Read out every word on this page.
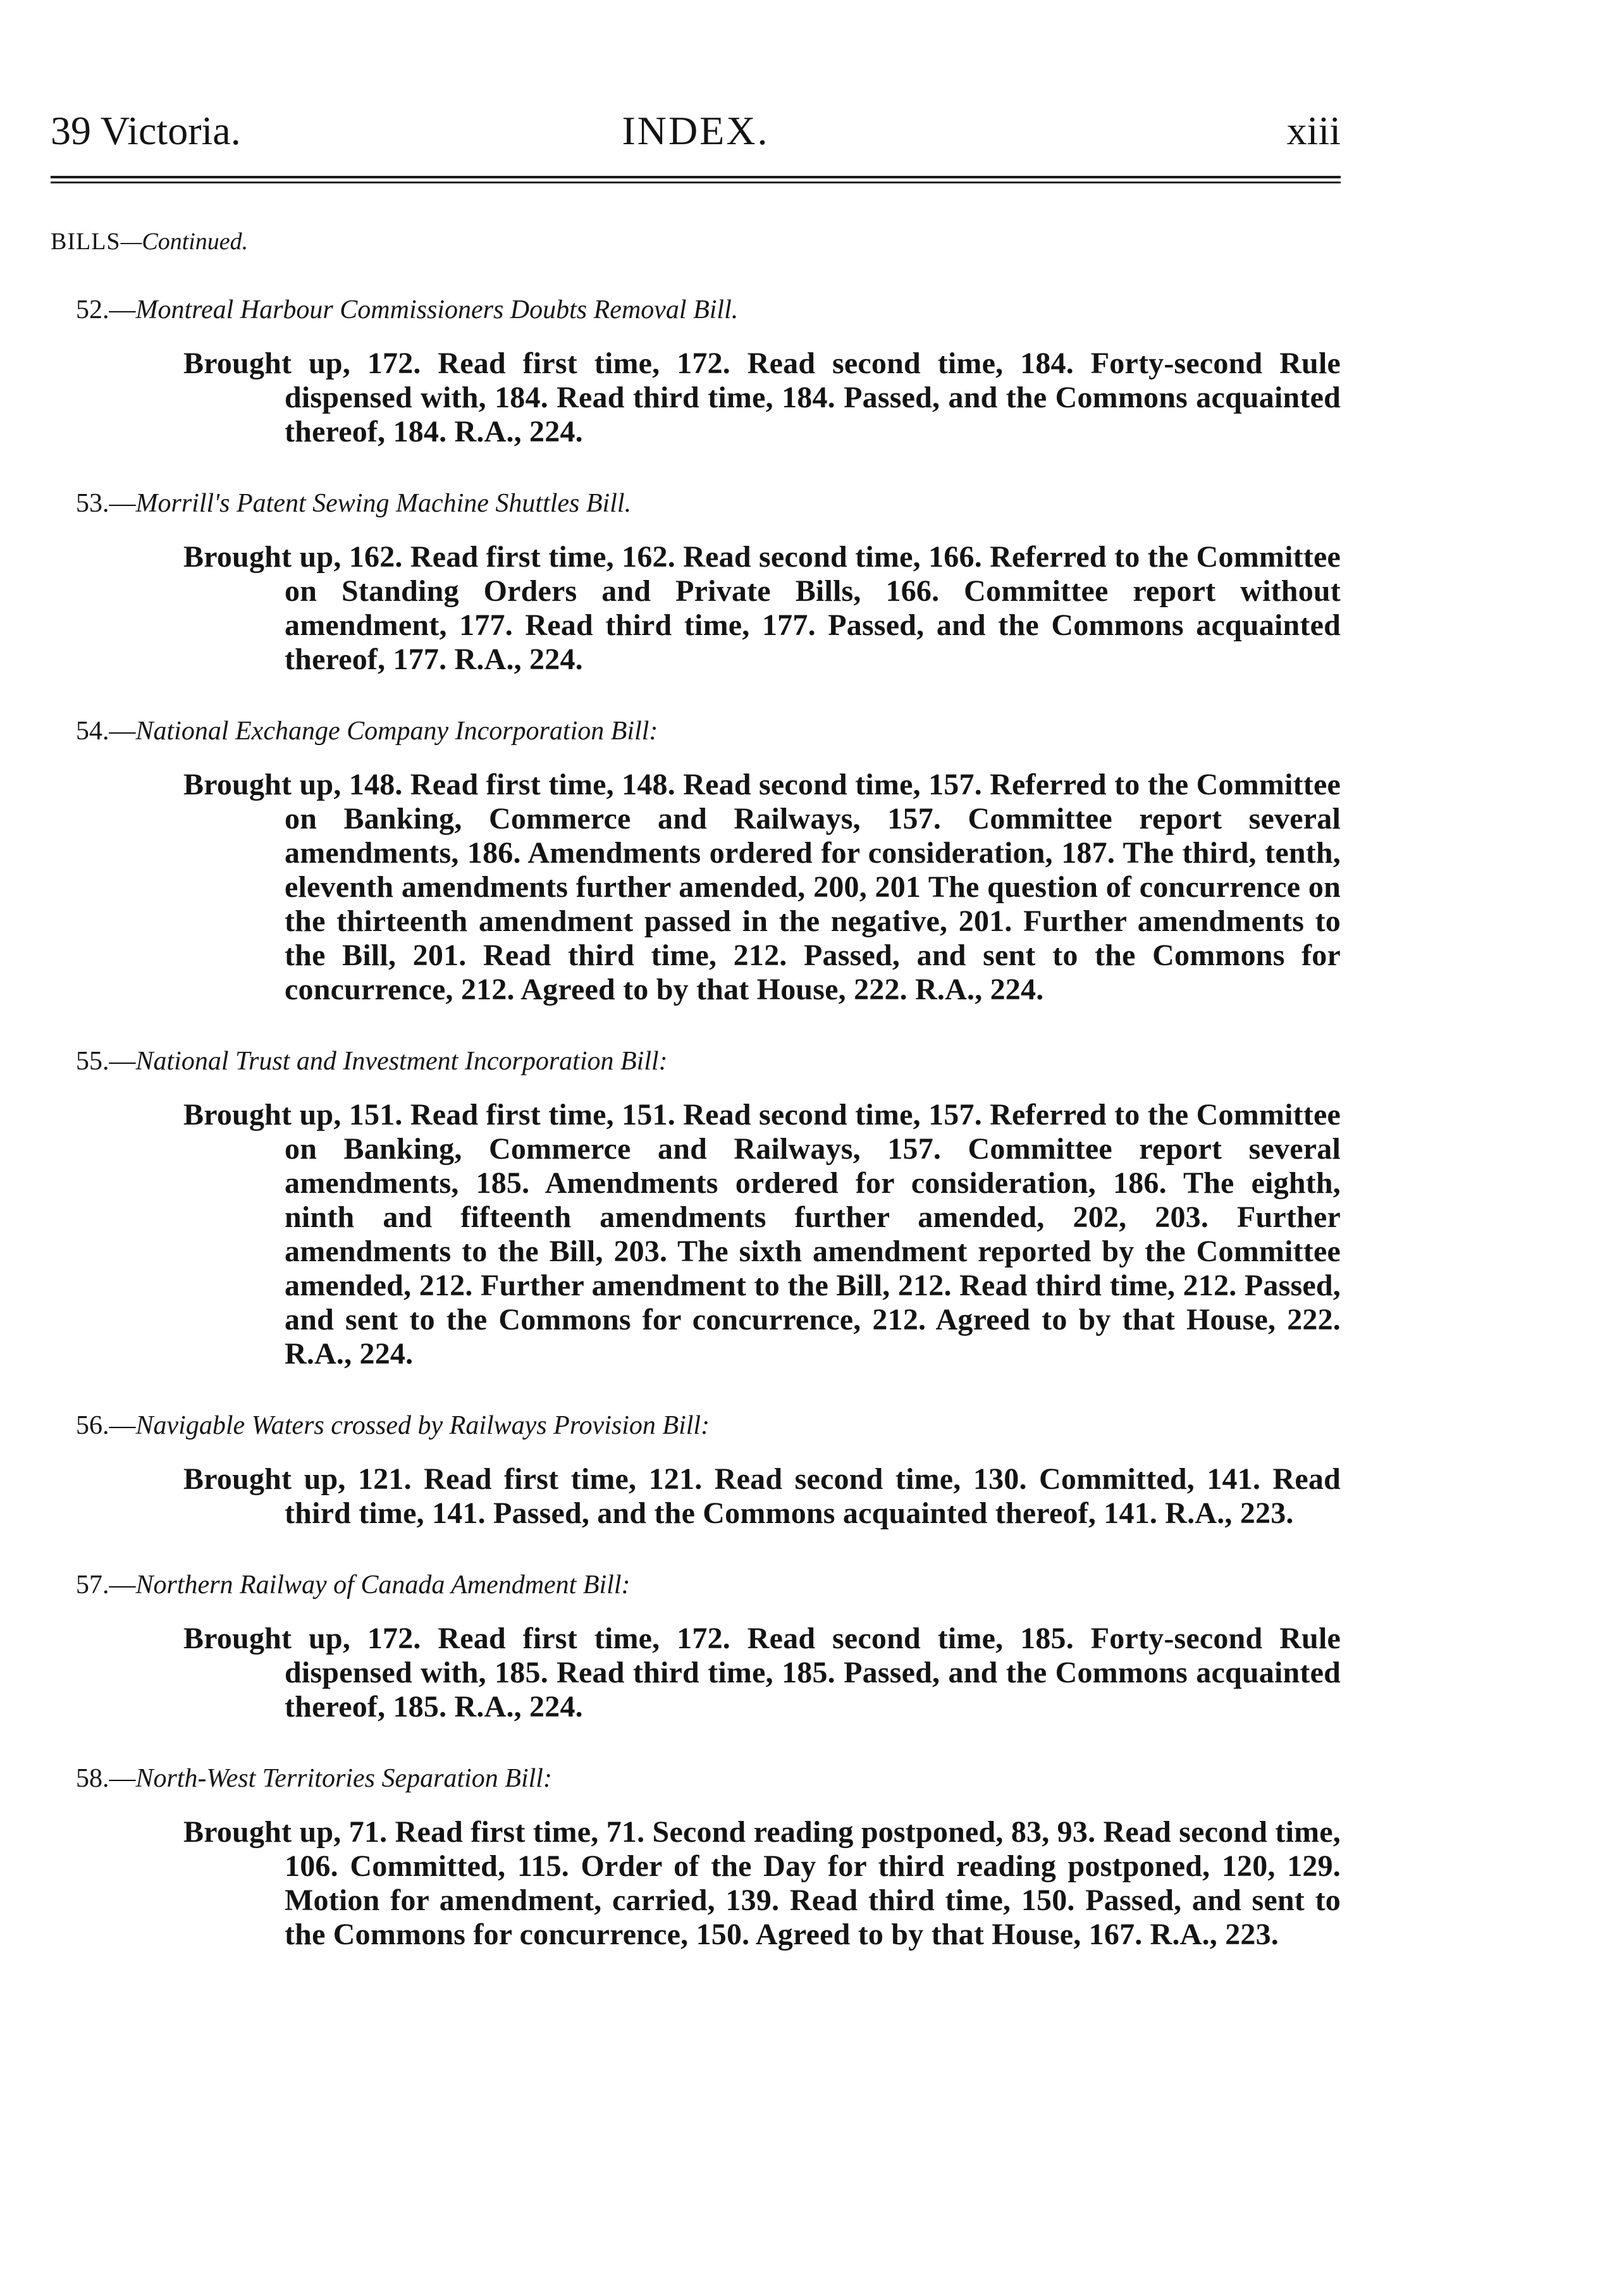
39 Victoria.	INDEX.	xiii
BILLS—Continued.
52.—Montreal Harbour Commissioners Doubts Removal Bill.
Brought up, 172. Read first time, 172. Read second time, 184. Forty-second Rule dispensed with, 184. Read third time, 184. Passed, and the Commons acquainted thereof, 184. R.A., 224.
53.—Morrill's Patent Sewing Machine Shuttles Bill.
Brought up, 162. Read first time, 162. Read second time, 166. Referred to the Committee on Standing Orders and Private Bills, 166. Committee report without amendment, 177. Read third time, 177. Passed, and the Commons acquainted thereof, 177. R.A., 224.
54.—National Exchange Company Incorporation Bill:
Brought up, 148. Read first time, 148. Read second time, 157. Referred to the Committee on Banking, Commerce and Railways, 157. Committee report several amendments, 186. Amendments ordered for consideration, 187. The third, tenth, eleventh amendments further amended, 200, 201 The question of concurrence on the thirteenth amendment passed in the negative, 201. Further amendments to the Bill, 201. Read third time, 212. Passed, and sent to the Commons for concurrence, 212. Agreed to by that House, 222. R.A., 224.
55.—National Trust and Investment Incorporation Bill:
Brought up, 151. Read first time, 151. Read second time, 157. Referred to the Committee on Banking, Commerce and Railways, 157. Committee report several amendments, 185. Amendments ordered for consideration, 186. The eighth, ninth and fifteenth amendments further amended, 202, 203. Further amendments to the Bill, 203. The sixth amendment reported by the Committee amended, 212. Further amendment to the Bill, 212. Read third time, 212. Passed, and sent to the Commons for concurrence, 212. Agreed to by that House, 222. R.A., 224.
56.—Navigable Waters crossed by Railways Provision Bill:
Brought up, 121. Read first time, 121. Read second time, 130. Committed, 141. Read third time, 141. Passed, and the Commons acquainted thereof, 141. R.A., 223.
57.—Northern Railway of Canada Amendment Bill:
Brought up, 172. Read first time, 172. Read second time, 185. Forty-second Rule dispensed with, 185. Read third time, 185. Passed, and the Commons acquainted thereof, 185. R.A., 224.
58.—North-West Territories Separation Bill:
Brought up, 71. Read first time, 71. Second reading postponed, 83, 93. Read second time, 106. Committed, 115. Order of the Day for third reading postponed, 120, 129. Motion for amendment, carried, 139. Read third time, 150. Passed, and sent to the Commons for concurrence, 150. Agreed to by that House, 167. R.A., 223.
